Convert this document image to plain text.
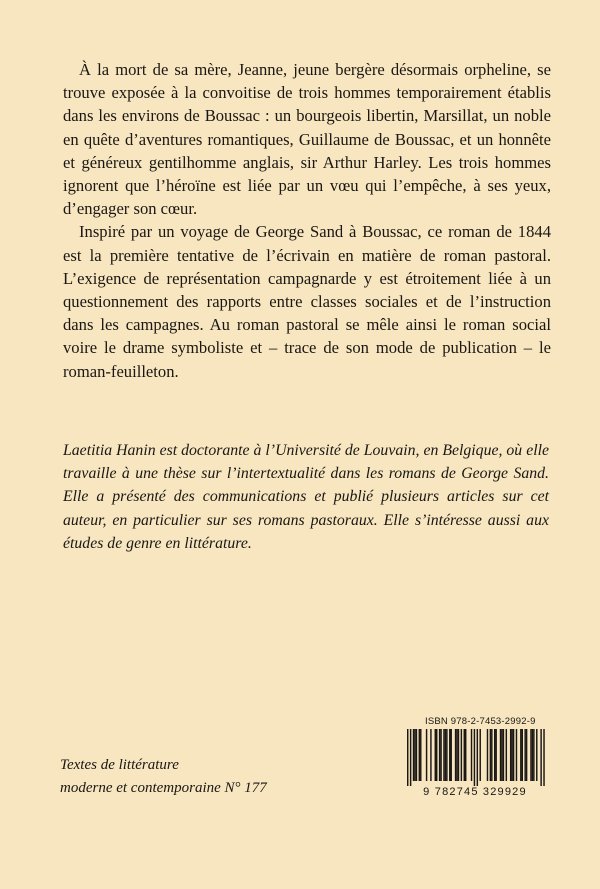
À la mort de sa mère, Jeanne, jeune bergère désormais orpheline, se trouve exposée à la convoitise de trois hommes temporairement établis dans les environs de Boussac : un bourgeois libertin, Marsillat, un noble en quête d’aventures romantiques, Guillaume de Boussac, et un honnête et généreux gentilhomme anglais, sir Arthur Harley. Les trois hommes ignorent que l’héroïne est liée par un vœu qui l’empêche, à ses yeux, d’engager son cœur.

Inspiré par un voyage de George Sand à Boussac, ce roman de 1844 est la première tentative de l’écrivain en matière de roman pastoral. L’exigence de représentation campagnarde y est étroitement liée à un questionnement des rapports entre classes sociales et de l’instruction dans les campagnes. Au roman pastoral se mêle ainsi le roman social voire le drame symboliste et – trace de son mode de publication – le roman-feuilleton.

Laetitia Hanin est doctorante à l’Université de Louvain, en Belgique, où elle travaille à une thèse sur l’intertextualité dans les romans de George Sand. Elle a présenté des communications et publié plusieurs articles sur cet auteur, en particulier sur ses romans pastoraux. Elle s’intéresse aussi aux études de genre en littérature.

Textes de littérature
moderne et contemporaine N° 177
ISBN 978-2-7453-2992-9
9 782745 329929
